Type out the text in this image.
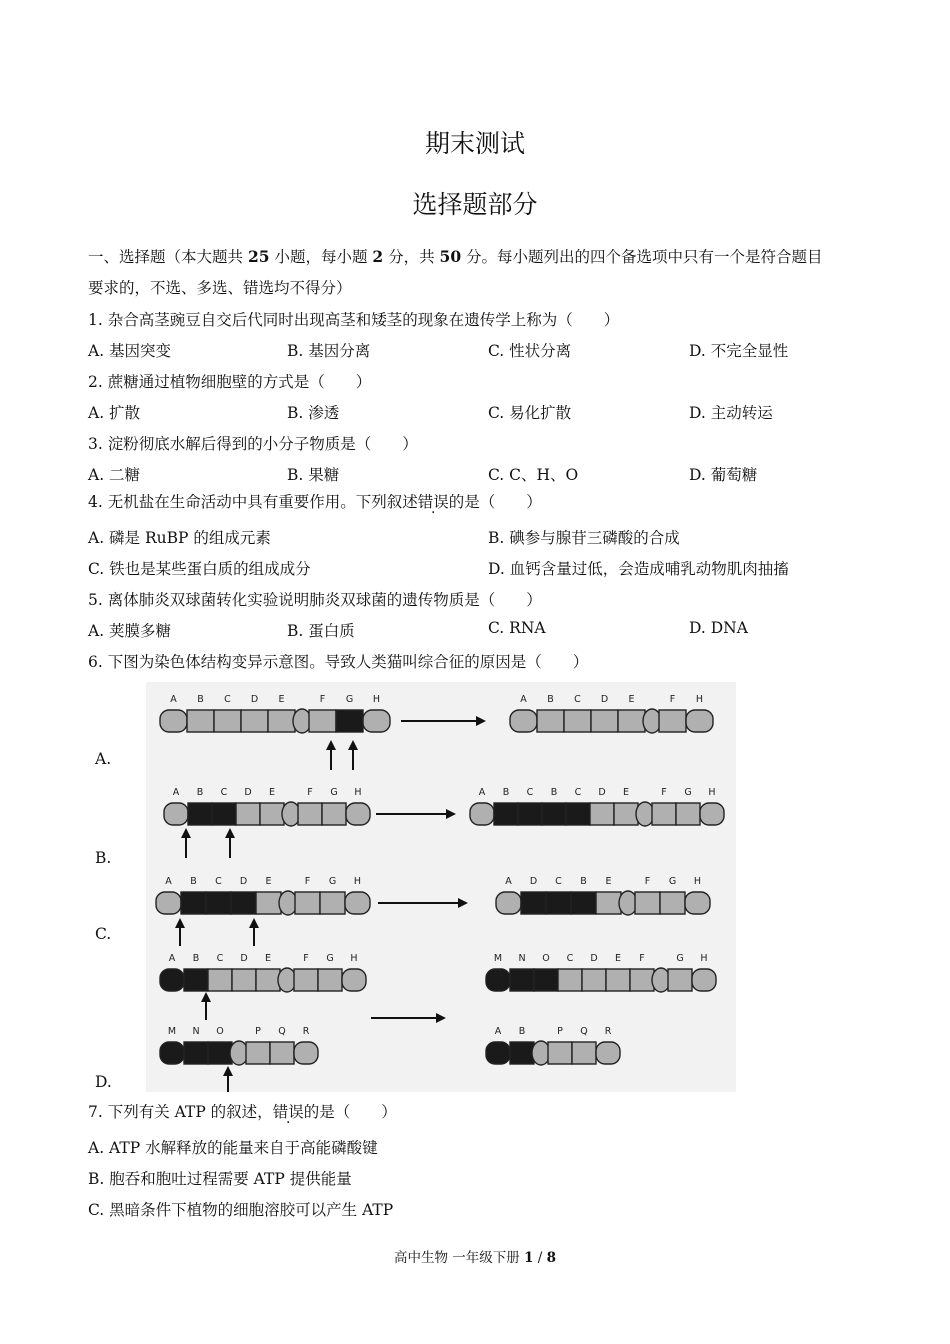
期末测试
选择题部分
一、选择题（本大题共 25 小题，每小题 2 分，共 50 分。每小题列出的四个备选项中只有一个是符合题目
要求的，不选、多选、错选均不得分）
1. 杂合高茎豌豆自交后代同时出现高茎和矮茎的现象在遗传学上称为（　　）
A. 基因突变	B. 基因分离	C. 性状分离	D. 不完全显性
2. 蔗糖通过植物细胞壁的方式是（　　）
A. 扩散	B. 渗透	C. 易化扩散	D. 主动转运
3. 淀粉彻底水解后得到的小分子物质是（　　）
A. 二糖	B. 果糖	C. C、H、O	D. 葡萄糖
4. 无机盐在生命活动中具有重要作用。下列叙述错误的是（　　）
A. 磷是 RuBP 的组成元素	B. 碘参与腺苷三磷酸的合成
C. 铁也是某些蛋白质的组成成分	D. 血钙含量过低，会造成哺乳动物肌肉抽搐
5. 离体肺炎双球菌转化实验说明肺炎双球菌的遗传物质是（　　）
A. 荚膜多糖	B. 蛋白质	C. RNA	D. DNA
6. 下图为染色体结构变异示意图。导致人类猫叫综合征的原因是（　　）
A.
B.
C.
D.
A B C D E	F G H	A B C D E	F H
A B C D E	F G H	A B C B C D E	F G H
A B C D E	F G H	A D C B E	F G H
A B C D E	F G H	M N O C D E F	G H
M N O	P Q R	A B	P Q R
7. 下列有关 ATP 的叙述，错误的是（　　）
A. ATP 水解释放的能量来自于高能磷酸键
B. 胞吞和胞吐过程需要 ATP 提供能量
C. 黑暗条件下植物的细胞溶胶可以产生 ATP
高中生物 一年级下册 1 / 8
